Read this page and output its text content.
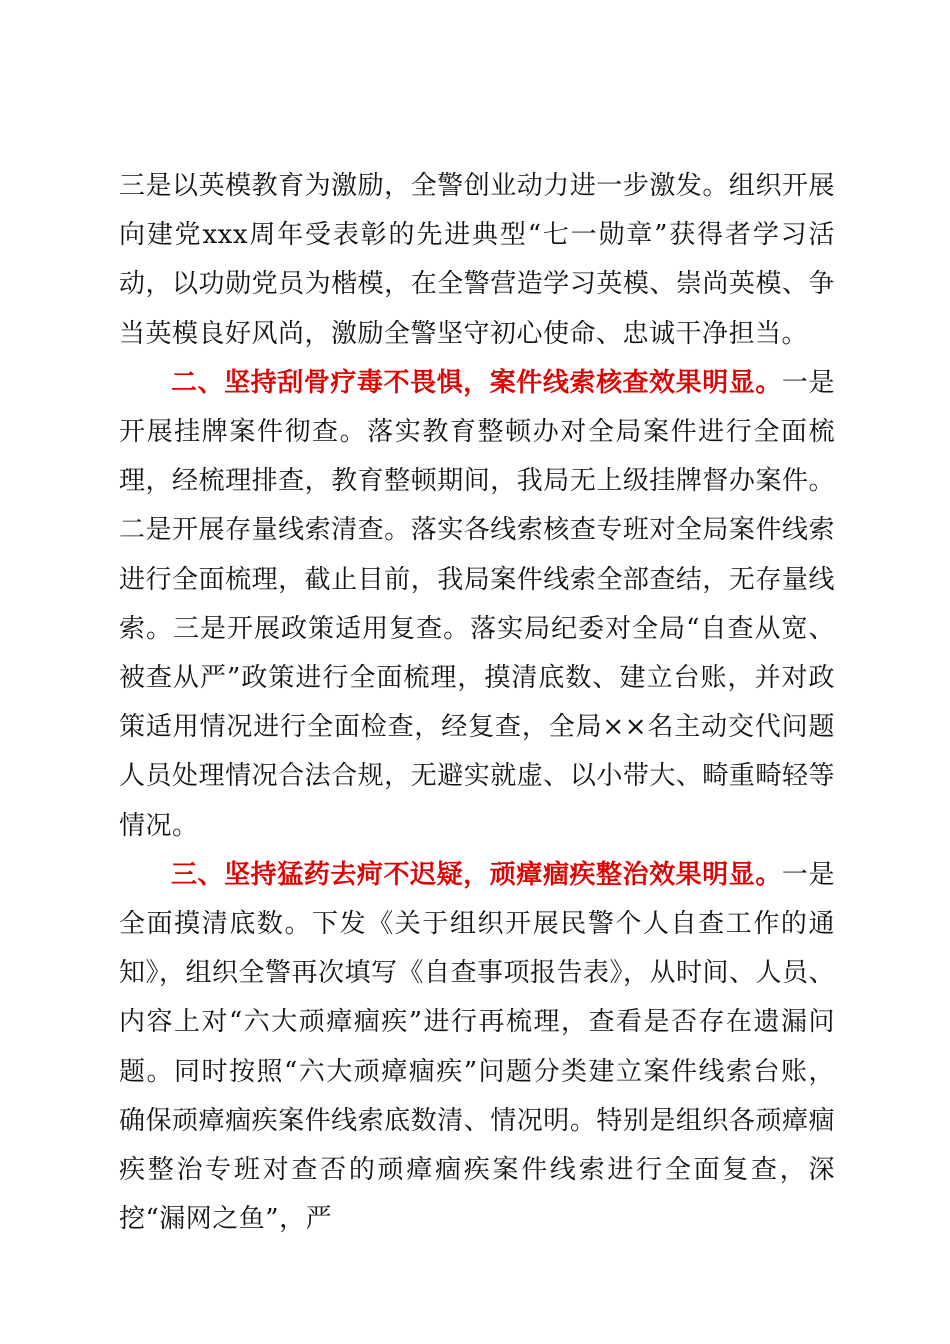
三是以英模教育为激励，全警创业动力进一步激发。组织开展向建党xxx周年受表彰的先进典型“七一勋章”获得者学习活动，以功勋党员为楷模，在全警营造学习英模、崇尚英模、争当英模良好风尚，激励全警坚守初心使命、忠诚干净担当。

二、坚持刮骨疗毒不畏惧，案件线索核查效果明显。一是开展挂牌案件彻查。落实教育整顿办对全局案件进行全面梳理，经梳理排查，教育整顿期间，我局无上级挂牌督办案件。二是开展存量线索清查。落实各线索核查专班对全局案件线索进行全面梳理，截止目前，我局案件线索全部查结，无存量线索。三是开展政策适用复查。落实局纪委对全局“自查从宽、被查从严”政策进行全面梳理，摸清底数、建立台账，并对政策适用情况进行全面检查，经复查，全局××名主动交代问题人员处理情况合法合规，无避实就虚、以小带大、畸重畸轻等情况。

三、坚持猛药去疴不迟疑，顽瘴痼疾整治效果明显。一是全面摸清底数。下发《关于组织开展民警个人自查工作的通知》，组织全警再次填写《自查事项报告表》，从时间、人员、内容上对“六大顽瘴痼疾”进行再梳理，查看是否存在遗漏问题。同时按照“六大顽瘴痼疾”问题分类建立案件线索台账，确保顽瘴痼疾案件线索底数清、情况明。特别是组织各顽瘴痼疾整治专班对查否的顽瘴痼疾案件线索进行全面复查，深挖“漏网之鱼”，严
